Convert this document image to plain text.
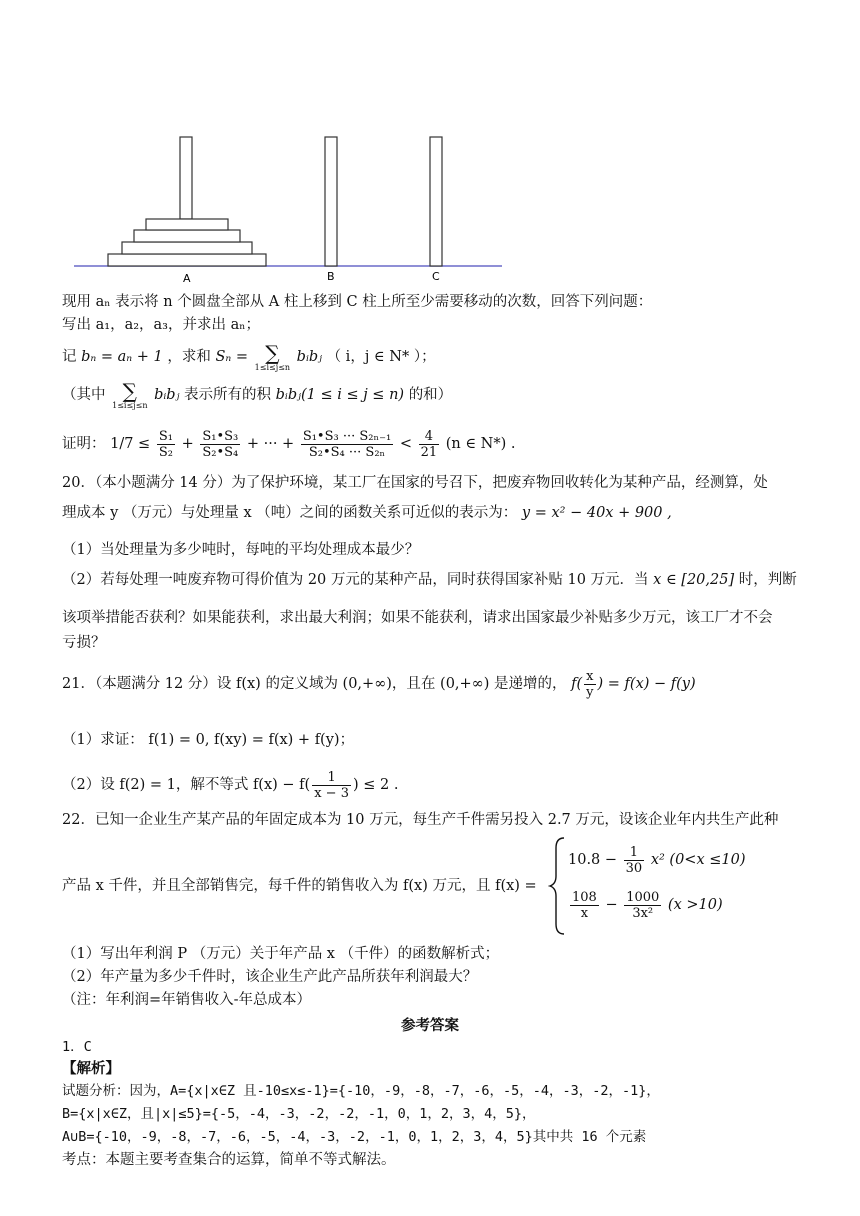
A	B	C
现用 aₙ 表示将 n 个圆盘全部从 A 柱上移到 C 柱上所至少需要移动的次数，回答下列问题：
写出 a₁，a₂，a₃，并求出 aₙ；
记 bₙ = aₙ + 1 ，求和 Sₙ = ∑
1≤i≤j≤n
bᵢbⱼ （ i，j ∈ N* ）；
（其中 ∑
1≤i≤j≤n
bᵢbⱼ 表示所有的积 bᵢbⱼ(1 ≤ i ≤ j ≤ n) 的和）
证明： $1/7 \le \frac{\text{S₁}}{\text{S₂}} + \frac{\text{S₁•S₃}}{\text{S₂•S₄}}$ + ··· + $\frac{\text{S₁•S₃ ··· S₂ₙ₋₁}}{\text{S₂•S₄ ··· S₂ₙ}} < \frac{4}{21} (n$ ∈ N*) .
20．（本小题满分 14 分）为了保护环境，某工厂在国家的号召下，把废弃物回收转化为某种产品，经测算，处
理成本 y （万元）与处理量 x （吨）之间的函数关系可近似的表示为： y = x² − 40x + 900 ,
（1）当处理量为多少吨时，每吨的平均处理成本最少？
（2）若每处理一吨废弃物可得价值为 20 万元的某种产品，同时获得国家补贴 10 万元．当 x ∈ [20,25] 时，判断
该项举措能否获利？如果能获利，求出最大利润；如果不能获利，请求出国家最少补贴多少万元，该工厂才不会
亏损？
21．（本题满分 12 分）设 f(x) 的定义域为 (0,+∞)，且在 (0,+∞) 是递增的， $f( \frac{x}{y}$ ) = f(x) − f(y)
（1）求证： f(1) = 0, f(xy) = f(x) + f(y)；
（2）设 f(2) = 1，解不等式 $f(x) - f( \frac{1}{x - 3}$ ) ≤ 2 .
22．已知一企业生产某产品的年固定成本为 10 万元，每生产千件需另投入 2.7 万元，设该企业年内共生产此种
产品 x 千件，并且全部销售完，每千件的销售收入为 f(x) 万元，且 f(x) =
$10.8 - \frac{1}{30} x^2$ (0<x ≤10)
$\frac{108}{x} - \frac{1000}{\text{3x²}} (x >10)$
（1）写出年利润 P （万元）关于年产品 x （千件）的函数解析式；
（2）年产量为多少千件时，该企业生产此产品所获年利润最大？
（注：年利润=年销售收入-年总成本）
参考答案
1．C
【解析】
试题分析：因为，A={x|x∈Z 且-10≤x≤-1}={-10，-9，-8，-7，-6，-5，-4，-3，-2，-1}，
B={x|x∈Z，且|x|≤5}={-5，-4，-3，-2，-2，-1，0，1，2，3，4，5}，
A∪B={-10，-9，-8，-7，-6，-5，-4，-3，-2，-1，0，1，2，3，4，5}其中共 16 个元素
考点：本题主要考查集合的运算，简单不等式解法。
